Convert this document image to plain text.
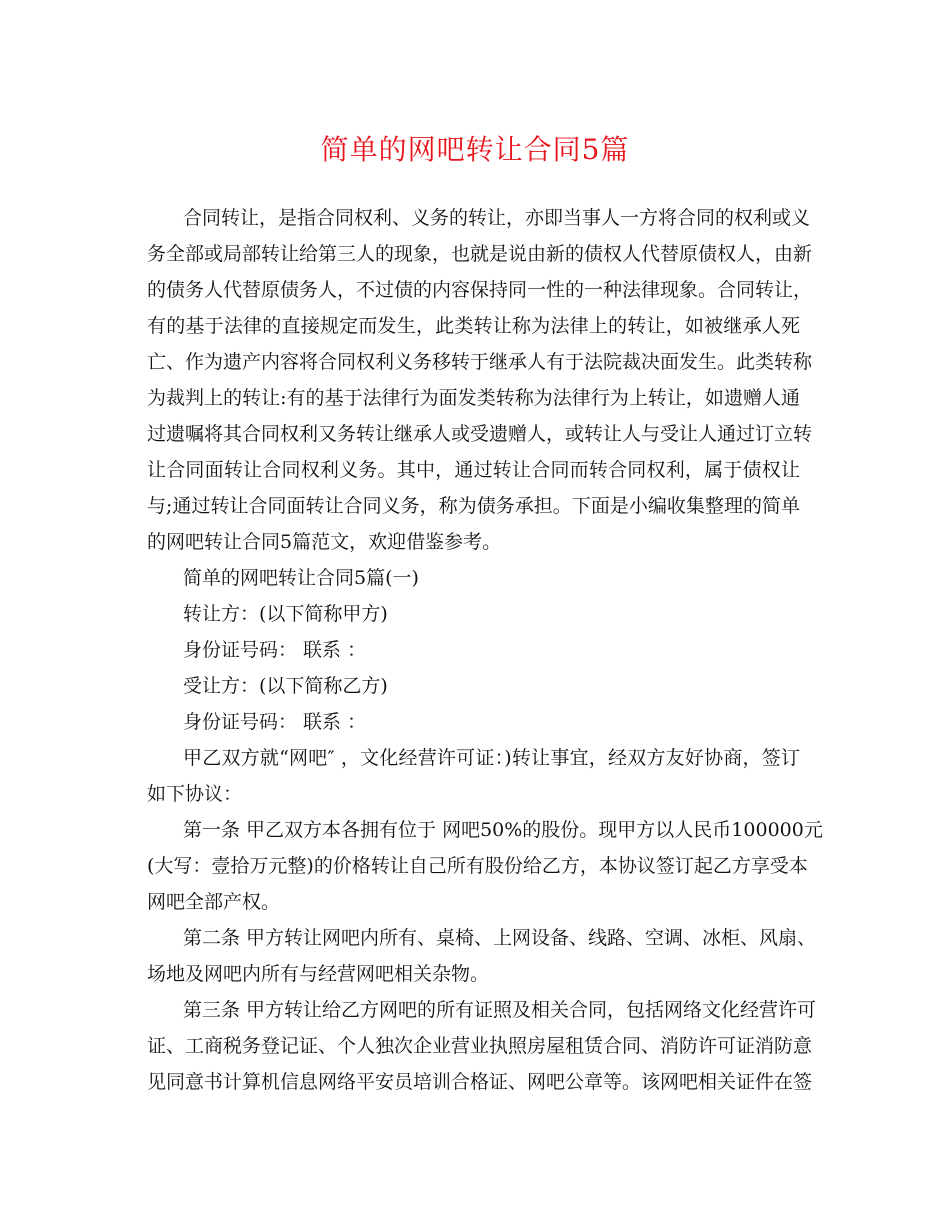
简单的网吧转让合同5篇
合同转让，是指合同权利、义务的转让，亦即当事人一方将合同的权利或义
务全部或局部转让给第三人的现象，也就是说由新的债权人代替原债权人，由新
的债务人代替原债务人，不过债的内容保持同一性的一种法律现象。合同转让，
有的基于法律的直接规定而发生，此类转让称为法律上的转让，如被继承人死
亡、作为遗产内容将合同权利义务移转于继承人有于法院裁决面发生。此类转称
为裁判上的转让:有的基于法律行为面发类转称为法律行为上转让，如遗赠人通
过遗嘱将其合同权利又务转让继承人或受遗赠人，或转让人与受让人通过订立转
让合同面转让合同权利义务。其中，通过转让合同而转合同权利，属于债权让
与;通过转让合同面转让合同义务，称为债务承担。下面是小编收集整理的简单
的网吧转让合同5篇范文，欢迎借鉴参考。
简单的网吧转让合同5篇(一)
转让方：(以下简称甲方)
身份证号码： 联系 ：
受让方：(以下简称乙方)
身份证号码： 联系 ：
甲乙双方就“网吧″ ，文化经营许可证：)转让事宜，经双方友好协商，签订
如下协议：
第一条 甲乙双方本各拥有位于 网吧50%的股份。现甲方以人民币100000元
(大写：壹拾万元整)的价格转让自己所有股份给乙方，本协议签订起乙方享受本
网吧全部产权。
第二条 甲方转让网吧内所有、桌椅、上网设备、线路、空调、冰柜、风扇、
场地及网吧内所有与经营网吧相关杂物。
第三条 甲方转让给乙方网吧的所有证照及相关合同，包括网络文化经营许可
证、工商税务登记证、个人独次企业营业执照房屋租赁合同、消防许可证消防意
见同意书计算机信息网络平安员培训合格证、网吧公章等。该网吧相关证件在签
